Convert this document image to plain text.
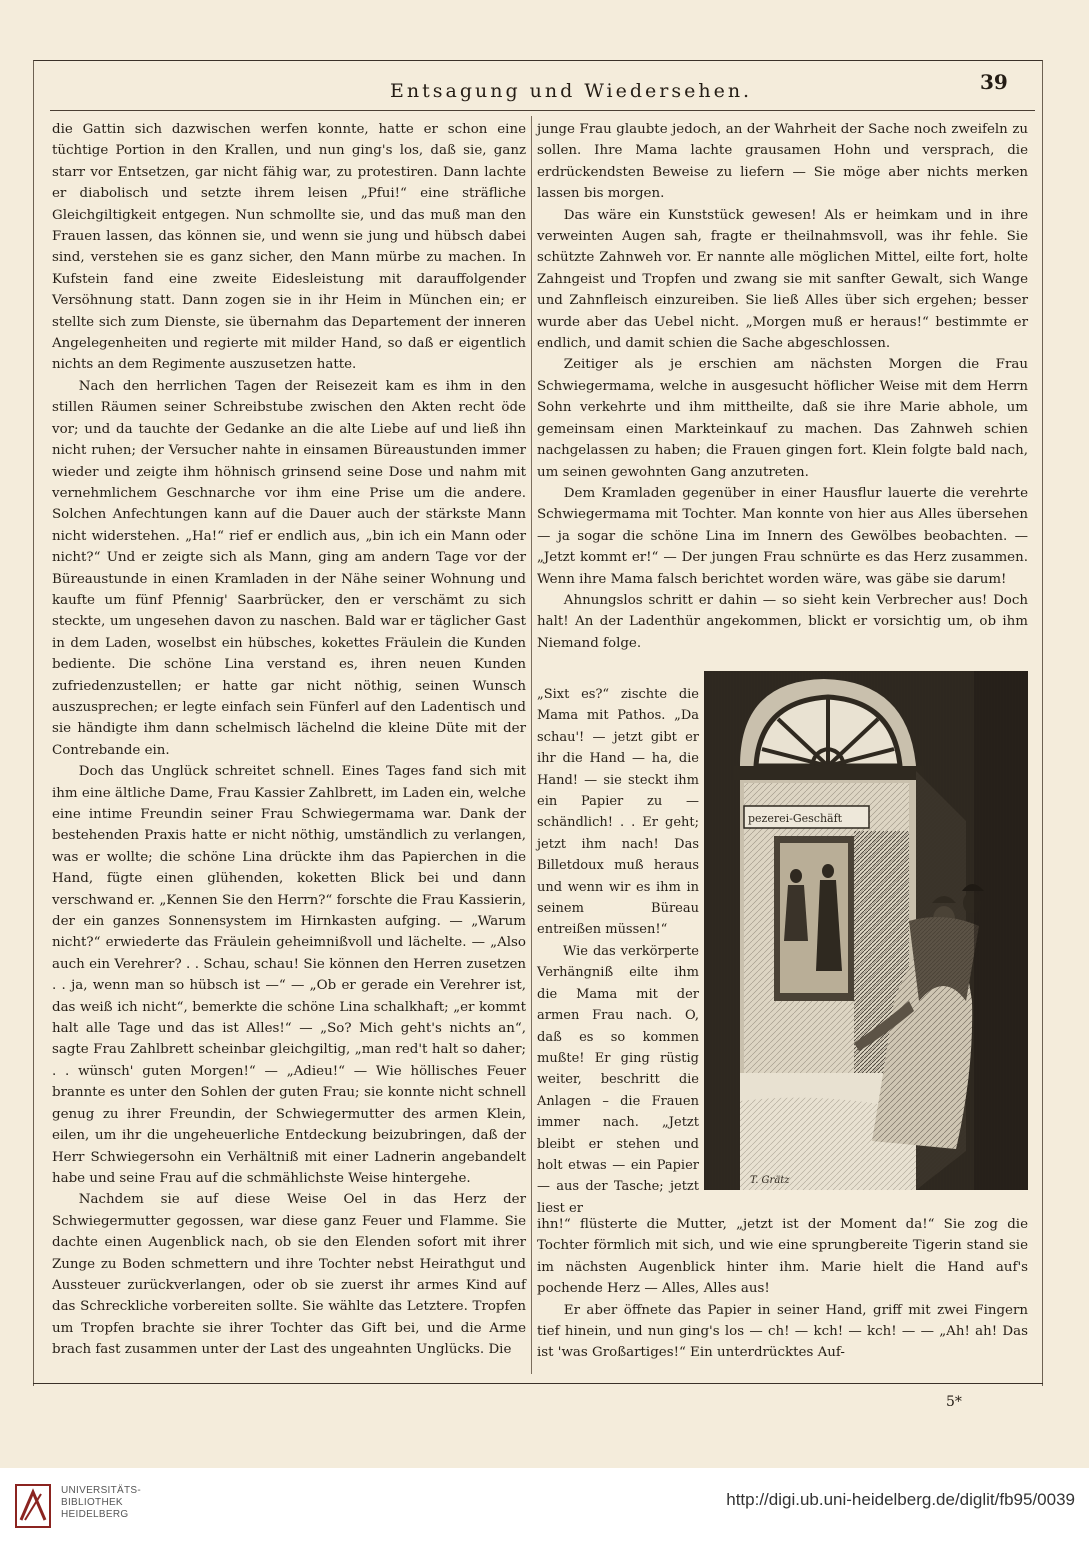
Entsagung und Wiedersehen.	39

die Gattin sich dazwischen werfen konnte, hatte er schon eine tüchtige Portion in den Krallen, und nun ging's los, daß sie, ganz starr vor Entsetzen, gar nicht fähig war, zu protestiren. Dann lachte er diabolisch und setzte ihrem leisen „Pfui!“ eine sträfliche Gleichgiltigkeit entgegen. Nun schmollte sie, und das muß man den Frauen lassen, das können sie, und wenn sie jung und hübsch dabei sind, verstehen sie es ganz sicher, den Mann mürbe zu machen. In Kufstein fand eine zweite Eidesleistung mit darauffolgender Versöhnung statt. Dann zogen sie in ihr Heim in München ein; er stellte sich zum Dienste, sie übernahm das Departement der inneren Angelegenheiten und regierte mit milder Hand, so daß er eigentlich nichts an dem Regimente auszusetzen hatte.

Nach den herrlichen Tagen der Reisezeit kam es ihm in den stillen Räumen seiner Schreibstube zwischen den Akten recht öde vor; und da tauchte der Gedanke an die alte Liebe auf und ließ ihn nicht ruhen; der Versucher nahte in einsamen Büreaustunden immer wieder und zeigte ihm höhnisch grinsend seine Dose und nahm mit vernehmlichem Geschnarche vor ihm eine Prise um die andere. Solchen Anfechtungen kann auf die Dauer auch der stärkste Mann nicht widerstehen. „Ha!“ rief er endlich aus, „bin ich ein Mann oder nicht?“ Und er zeigte sich als Mann, ging am andern Tage vor der Büreaustunde in einen Kramladen in der Nähe seiner Wohnung und kaufte um fünf Pfennig' Saarbrücker, den er verschämt zu sich steckte, um ungesehen davon zu naschen. Bald war er täglicher Gast in dem Laden, woselbst ein hübsches, kokettes Fräulein die Kunden bediente. Die schöne Lina verstand es, ihren neuen Kunden zufriedenzustellen; er hatte gar nicht nöthig, seinen Wunsch auszusprechen; er legte einfach sein Fünferl auf den Ladentisch und sie händigte ihm dann schelmisch lächelnd die kleine Düte mit der Contrebande ein.

Doch das Unglück schreitet schnell. Eines Tages fand sich mit ihm eine ältliche Dame, Frau Kassier Zahlbrett, im Laden ein, welche eine intime Freundin seiner Frau Schwiegermama war. Dank der bestehenden Praxis hatte er nicht nöthig, umständlich zu verlangen, was er wollte; die schöne Lina drückte ihm das Papierchen in die Hand, fügte einen glühenden, koketten Blick bei und dann verschwand er. „Kennen Sie den Herrn?“ forschte die Frau Kassierin, der ein ganzes Sonnensystem im Hirnkasten aufging. — „Warum nicht?“ erwiederte das Fräulein geheimnißvoll und lächelte. — „Also auch ein Verehrer? . . Schau, schau! Sie können den Herren zusetzen . . ja, wenn man so hübsch ist —“ — „Ob er gerade ein Verehrer ist, das weiß ich nicht“, bemerkte die schöne Lina schalkhaft; „er kommt halt alle Tage und das ist Alles!“ — „So? Mich geht's nichts an“, sagte Frau Zahlbrett scheinbar gleichgiltig, „man red't halt so daher; . . wünsch' guten Morgen!“ — „Adieu!“ — Wie höllisches Feuer brannte es unter den Sohlen der guten Frau; sie konnte nicht schnell genug zu ihrer Freundin, der Schwiegermutter des armen Klein, eilen, um ihr die ungeheuerliche Entdeckung beizubringen, daß der Herr Schwiegersohn ein Verhältniß mit einer Ladnerin angebandelt habe und seine Frau auf die schmählichste Weise hintergehe.

Nachdem sie auf diese Weise Oel in das Herz der Schwiegermutter gegossen, war diese ganz Feuer und Flamme. Sie dachte einen Augenblick nach, ob sie den Elenden sofort mit ihrer Zunge zu Boden schmettern und ihre Tochter nebst Heirathgut und Aussteuer zurückverlangen, oder ob sie zuerst ihr armes Kind auf das Schreckliche vorbereiten sollte. Sie wählte das Letztere. Tropfen um Tropfen brachte sie ihrer Tochter das Gift bei, und die Arme brach fast zusammen unter der Last des ungeahnten Unglücks. Die

junge Frau glaubte jedoch, an der Wahrheit der Sache noch zweifeln zu sollen. Ihre Mama lachte grausamen Hohn und versprach, die erdrückendsten Beweise zu liefern — Sie möge aber nichts merken lassen bis morgen.

Das wäre ein Kunststück gewesen! Als er heimkam und in ihre verweinten Augen sah, fragte er theilnahmsvoll, was ihr fehle. Sie schützte Zahnweh vor. Er nannte alle möglichen Mittel, eilte fort, holte Zahngeist und Tropfen und zwang sie mit sanfter Gewalt, sich Wange und Zahnfleisch einzureiben. Sie ließ Alles über sich ergehen; besser wurde aber das Uebel nicht. „Morgen muß er heraus!“ bestimmte er endlich, und damit schien die Sache abgeschlossen.

Zeitiger als je erschien am nächsten Morgen die Frau Schwiegermama, welche in ausgesucht höflicher Weise mit dem Herrn Sohn verkehrte und ihm mittheilte, daß sie ihre Marie abhole, um gemeinsam einen Markteinkauf zu machen. Das Zahnweh schien nachgelassen zu haben; die Frauen gingen fort. Klein folgte bald nach, um seinen gewohnten Gang anzutreten.

Dem Kramladen gegenüber in einer Hausflur lauerte die verehrte Schwiegermama mit Tochter. Man konnte von hier aus Alles übersehen — ja sogar die schöne Lina im Innern des Gewölbes beobachten. — „Jetzt kommt er!“ — Der jungen Frau schnürte es das Herz zusammen. Wenn ihre Mama falsch berichtet worden wäre, was gäbe sie darum!

Ahnungslos schritt er dahin — so sieht kein Verbrecher aus! Doch halt! An der Ladenthür angekommen, blickt er vorsichtig um, ob ihm Niemand folge.

„Sixt es?“ zischte die Mama mit Pathos. „Da schau'! — jetzt gibt er ihr die Hand — ha, die Hand! — sie steckt ihm ein Papier zu — schändlich! . . Er geht; jetzt ihm nach! Das Billetdoux muß heraus und wenn wir es ihm in seinem Büreau entreißen müssen!“

Wie das verkörperte Verhängniß eilte ihm die Mama mit der armen Frau nach. O, daß es so kommen mußte! Er ging rüstig weiter, beschritt die Anlagen – die Frauen immer nach. „Jetzt bleibt er stehen und holt etwas — ein Papier — aus der Tasche; jetzt liest er

pezerei-Geschäft
T. Grätz

ihn!“ flüsterte die Mutter, „jetzt ist der Moment da!“ Sie zog die Tochter förmlich mit sich, und wie eine sprungbereite Tigerin stand sie im nächsten Augenblick hinter ihm. Marie hielt die Hand auf's pochende Herz — Alles, Alles aus!

Er aber öffnete das Papier in seiner Hand, griff mit zwei Fingern tief hinein, und nun ging's los — ch! — kch! — kch! — — „Ah! ah! Das ist 'was Großartiges!“ Ein unterdrücktes Auf-

5*
UNIVERSITÄTS-
BIBLIOTHEK
HEIDELBERG
http://digi.ub.uni-heidelberg.de/diglit/fb95/0039
